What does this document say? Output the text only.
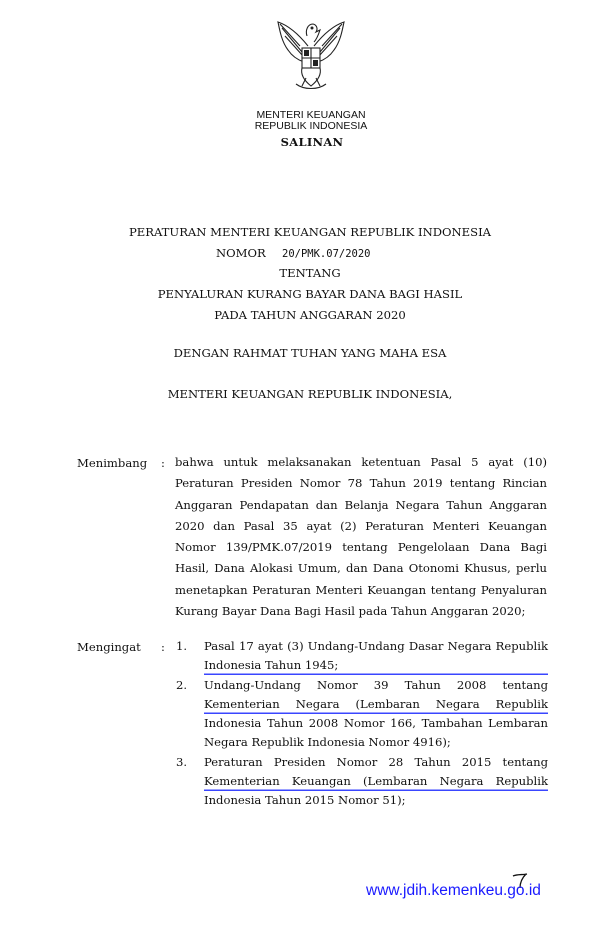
MENTERI KEUANGAN
REPUBLIK INDONESIA
SALINAN
PERATURAN MENTERI KEUANGAN REPUBLIK INDONESIA
NOMOR 20/PMK.07/2020
TENTANG
PENYALURAN KURANG BAYAR DANA BAGI HASIL
PADA TAHUN ANGGARAN 2020
DENGAN RAHMAT TUHAN YANG MAHA ESA
MENTERI KEUANGAN REPUBLIK INDONESIA,
Menimbang : bahwa untuk melaksanakan ketentuan Pasal 5 ayat (10)
Peraturan Presiden Nomor 78 Tahun 2019 tentang Rincian
Anggaran Pendapatan dan Belanja Negara Tahun Anggaran
2020 dan Pasal 35 ayat (2) Peraturan Menteri Keuangan
Nomor 139/PMK.07/2019 tentang Pengelolaan Dana Bagi
Hasil, Dana Alokasi Umum, dan Dana Otonomi Khusus, perlu
menetapkan Peraturan Menteri Keuangan tentang Penyaluran
Kurang Bayar Dana Bagi Hasil pada Tahun Anggaran 2020;
Mengingat : 1. Pasal 17 ayat (3) Undang-Undang Dasar Negara Republik
Indonesia Tahun 1945;
2. Undang-Undang Nomor 39 Tahun 2008 tentang
Kementerian Negara (Lembaran Negara Republik
Indonesia Tahun 2008 Nomor 166, Tambahan Lembaran
Negara Republik Indonesia Nomor 4916);
3. Peraturan Presiden Nomor 28 Tahun 2015 tentang
Kementerian Keuangan (Lembaran Negara Republik
Indonesia Tahun 2015 Nomor 51);
www.jdih.kemenkeu.go.id
